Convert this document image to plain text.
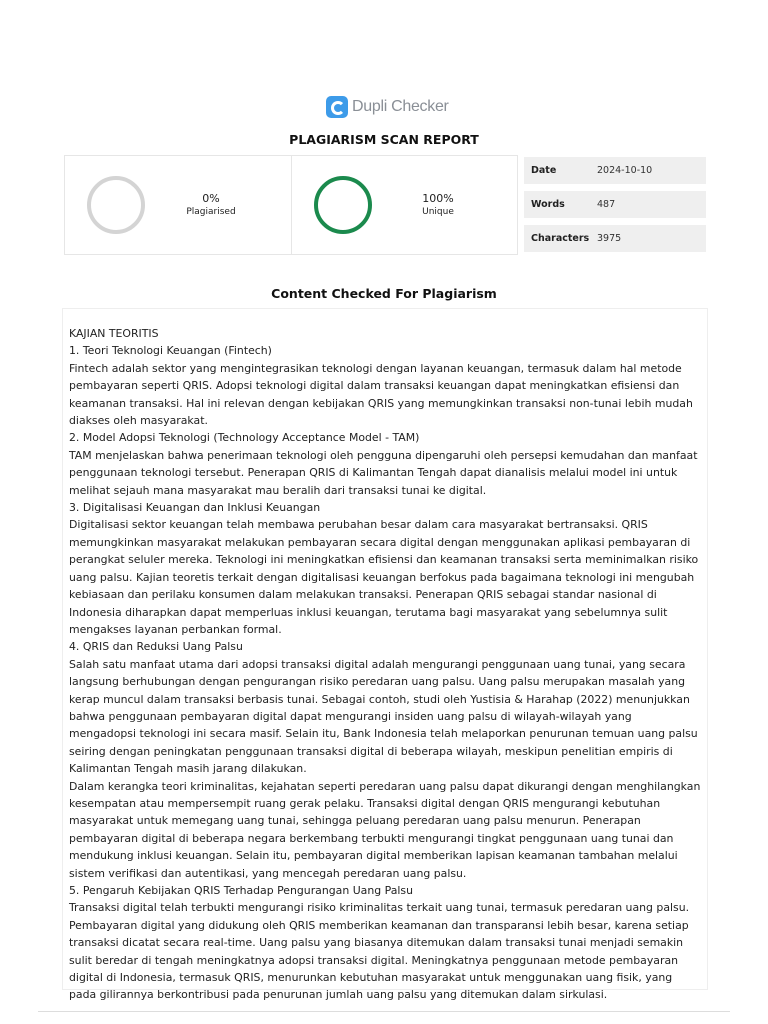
Dupli Checker
PLAGIARISM SCAN REPORT
0%
Plagiarised
100%
Unique
Date	2024-10-10
Words	487
Characters 3975
Content Checked For Plagiarism

KAJIAN TEORITIS

1. Teori Teknologi Keuangan (Fintech)

Fintech adalah sektor yang mengintegrasikan teknologi dengan layanan keuangan, termasuk dalam hal metode pembayaran seperti QRIS. Adopsi teknologi digital dalam transaksi keuangan dapat meningkatkan efisiensi dan keamanan transaksi. Hal ini relevan dengan kebijakan QRIS yang memungkinkan transaksi non-tunai lebih mudah diakses oleh masyarakat.

2. Model Adopsi Teknologi (Technology Acceptance Model - TAM)

TAM menjelaskan bahwa penerimaan teknologi oleh pengguna dipengaruhi oleh persepsi kemudahan dan manfaat penggunaan teknologi tersebut. Penerapan QRIS di Kalimantan Tengah dapat dianalisis melalui model ini untuk melihat sejauh mana masyarakat mau beralih dari transaksi tunai ke digital.

3. Digitalisasi Keuangan dan Inklusi Keuangan

Digitalisasi sektor keuangan telah membawa perubahan besar dalam cara masyarakat bertransaksi. QRIS memungkinkan masyarakat melakukan pembayaran secara digital dengan menggunakan aplikasi pembayaran di perangkat seluler mereka. Teknologi ini meningkatkan efisiensi dan keamanan transaksi serta meminimalkan risiko uang palsu. Kajian teoretis terkait dengan digitalisasi keuangan berfokus pada bagaimana teknologi ini mengubah kebiasaan dan perilaku konsumen dalam melakukan transaksi. Penerapan QRIS sebagai standar nasional di Indonesia diharapkan dapat memperluas inklusi keuangan, terutama bagi masyarakat yang sebelumnya sulit mengakses layanan perbankan formal.

4. QRIS dan Reduksi Uang Palsu

Salah satu manfaat utama dari adopsi transaksi digital adalah mengurangi penggunaan uang tunai, yang secara langsung berhubungan dengan pengurangan risiko peredaran uang palsu. Uang palsu merupakan masalah yang kerap muncul dalam transaksi berbasis tunai. Sebagai contoh, studi oleh Yustisia & Harahap (2022) menunjukkan bahwa penggunaan pembayaran digital dapat mengurangi insiden uang palsu di wilayah-wilayah yang mengadopsi teknologi ini secara masif. Selain itu, Bank Indonesia telah melaporkan penurunan temuan uang palsu seiring dengan peningkatan penggunaan transaksi digital di beberapa wilayah, meskipun penelitian empiris di Kalimantan Tengah masih jarang dilakukan.

Dalam kerangka teori kriminalitas, kejahatan seperti peredaran uang palsu dapat dikurangi dengan menghilangkan kesempatan atau mempersempit ruang gerak pelaku. Transaksi digital dengan QRIS mengurangi kebutuhan masyarakat untuk memegang uang tunai, sehingga peluang peredaran uang palsu menurun. Penerapan pembayaran digital di beberapa negara berkembang terbukti mengurangi tingkat penggunaan uang tunai dan mendukung inklusi keuangan. Selain itu, pembayaran digital memberikan lapisan keamanan tambahan melalui sistem verifikasi dan autentikasi, yang mencegah peredaran uang palsu.

5. Pengaruh Kebijakan QRIS Terhadap Pengurangan Uang Palsu

Transaksi digital telah terbukti mengurangi risiko kriminalitas terkait uang tunai, termasuk peredaran uang palsu. Pembayaran digital yang didukung oleh QRIS memberikan keamanan dan transparansi lebih besar, karena setiap transaksi dicatat secara real-time. Uang palsu yang biasanya ditemukan dalam transaksi tunai menjadi semakin sulit beredar di tengah meningkatnya adopsi transaksi digital. Meningkatnya penggunaan metode pembayaran digital di Indonesia, termasuk QRIS, menurunkan kebutuhan masyarakat untuk menggunakan uang fisik, yang pada gilirannya berkontribusi pada penurunan jumlah uang palsu yang ditemukan dalam sirkulasi.
